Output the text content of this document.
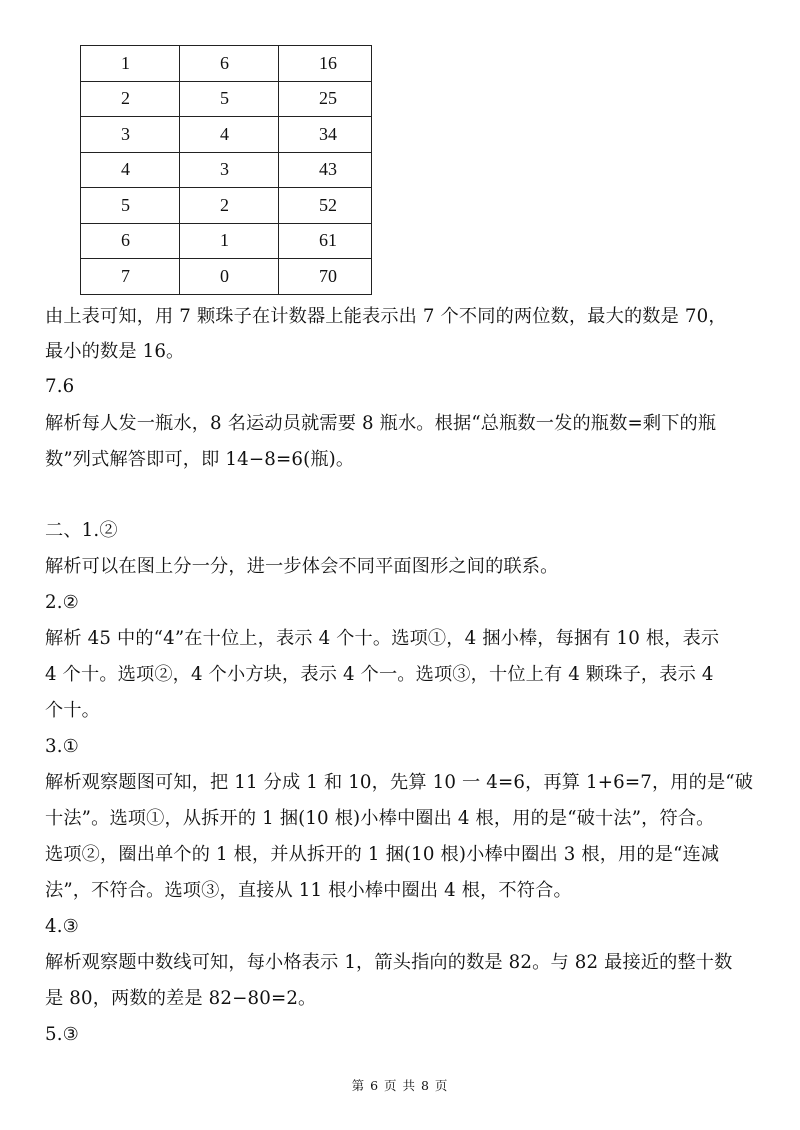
1	6	16
2	5	25
3	4	34
4	3	43
5	2	52
6	1	61
7	0	70
由上表可知，用 7 颗珠子在计数器上能表示出 7 个不同的两位数，最大的数是 70，
最小的数是 16。
7.6
解析每人发一瓶水，8 名运动员就需要 8 瓶水。根据“总瓶数一发的瓶数=剩下的瓶
数”列式解答即可，即 14−8=6(瓶)。
二、1.②
解析可以在图上分一分，进一步体会不同平面图形之间的联系。
2.②
解析 45 中的“4”在十位上，表示 4 个十。选项①，4 捆小棒，每捆有 10 根，表示
4 个十。选项②，4 个小方块，表示 4 个一。选项③，十位上有 4 颗珠子，表示 4
个十。
3.①
解析观察题图可知，把 11 分成 1 和 10，先算 10 一 4=6，再算 1+6=7，用的是“破
十法”。选项①，从拆开的 1 捆(10 根)小棒中圈出 4 根，用的是“破十法”，符合。
选项②，圈出单个的 1 根，并从拆开的 1 捆(10 根)小棒中圈出 3 根，用的是“连减
法”，不符合。选项③，直接从 11 根小棒中圈出 4 根，不符合。
4.③
解析观察题中数线可知，每小格表示 1，箭头指向的数是 82。与 82 最接近的整十数
是 80，两数的差是 82−80=2。
5.③
第 6 页 共 8 页
